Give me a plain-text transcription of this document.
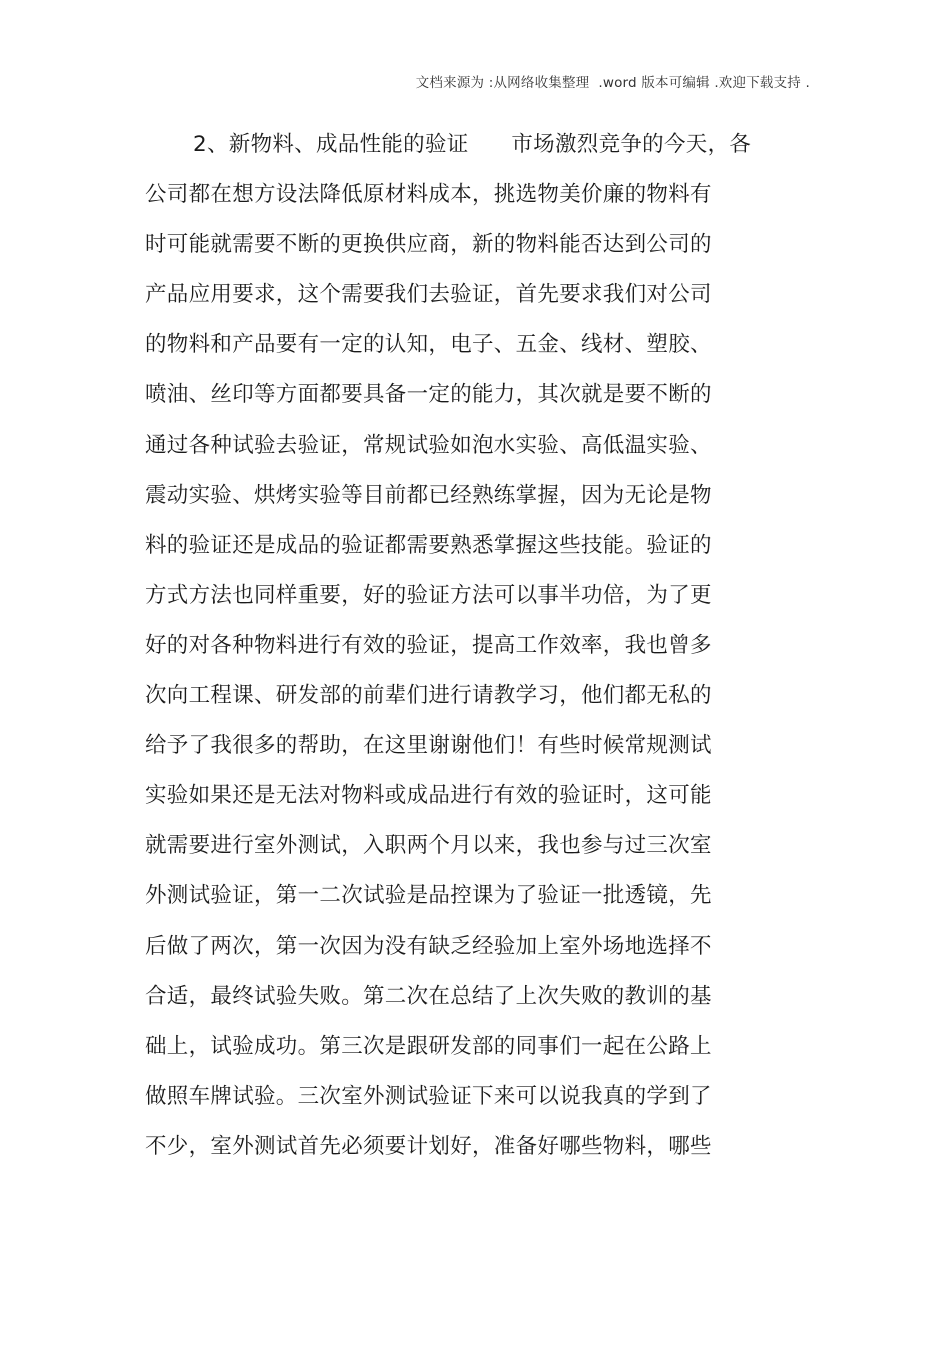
文档来源为 :从网络收集整理  .word 版本可编辑 .欢迎下载支持 .
2、新物料、成品性能的验证      市场激烈竞争的今天，各
公司都在想方设法降低原材料成本，挑选物美价廉的物料有
时可能就需要不断的更换供应商，新的物料能否达到公司的
产品应用要求，这个需要我们去验证，首先要求我们对公司
的物料和产品要有一定的认知，电子、五金、线材、塑胶、
喷油、丝印等方面都要具备一定的能力，其次就是要不断的
通过各种试验去验证，常规试验如泡水实验、高低温实验、
震动实验、烘烤实验等目前都已经熟练掌握，因为无论是物
料的验证还是成品的验证都需要熟悉掌握这些技能。验证的
方式方法也同样重要，好的验证方法可以事半功倍，为了更
好的对各种物料进行有效的验证，提高工作效率，我也曾多
次向工程课、研发部的前辈们进行请教学习，他们都无私的
给予了我很多的帮助，在这里谢谢他们！有些时候常规测试
实验如果还是无法对物料或成品进行有效的验证时，这可能
就需要进行室外测试，入职两个月以来，我也参与过三次室
外测试验证，第一二次试验是品控课为了验证一批透镜，先
后做了两次，第一次因为没有缺乏经验加上室外场地选择不
合适，最终试验失败。第二次在总结了上次失败的教训的基
础上，试验成功。第三次是跟研发部的同事们一起在公路上
做照车牌试验。三次室外测试验证下来可以说我真的学到了
不少，室外测试首先必须要计划好，准备好哪些物料，哪些
